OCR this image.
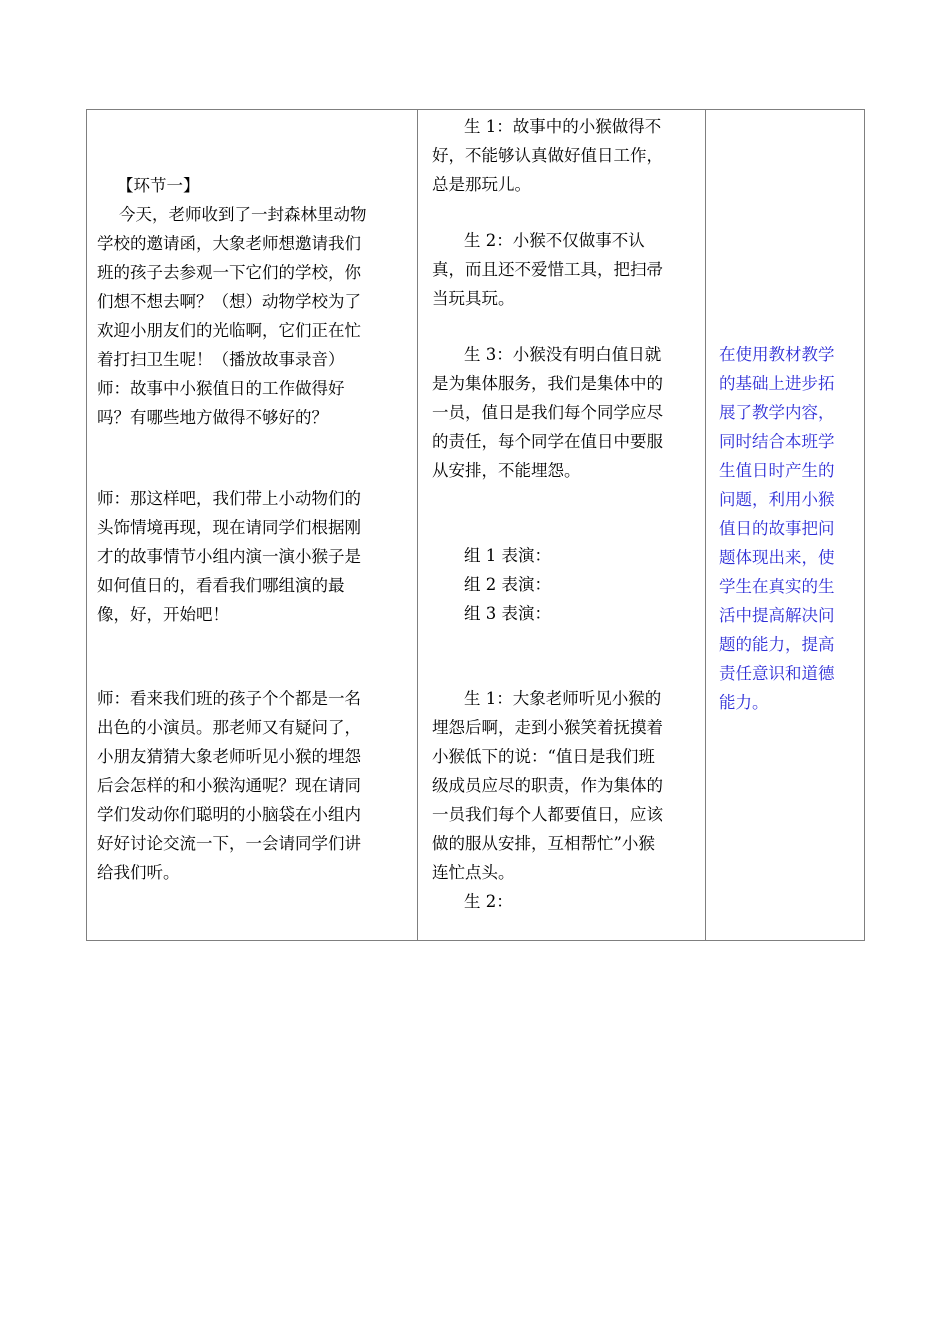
【环节一】
今天，老师收到了一封森林里动物
学校的邀请函，大象老师想邀请我们
班的孩子去参观一下它们的学校，你
们想不想去啊？（想）动物学校为了
欢迎小朋友们的光临啊，它们正在忙
着打扫卫生呢！（播放故事录音）
师：故事中小猴值日的工作做得好
吗？有哪些地方做得不够好的？
师：那这样吧，我们带上小动物们的
头饰情境再现，现在请同学们根据刚
才的故事情节小组内演一演小猴子是
如何值日的，看看我们哪组演的最
像，好，开始吧！
师：看来我们班的孩子个个都是一名
出色的小演员。那老师又有疑问了，
小朋友猜猜大象老师听见小猴的埋怨
后会怎样的和小猴沟通呢？现在请同
学们发动你们聪明的小脑袋在小组内
好好讨论交流一下，一会请同学们讲
给我们听。

生 1：故事中的小猴做得不
好，不能够认真做好值日工作，
总是那玩儿。
生 2：小猴不仅做事不认
真，而且还不爱惜工具，把扫帚
当玩具玩。
生 3：小猴没有明白值日就
是为集体服务，我们是集体中的
一员，值日是我们每个同学应尽
的责任，每个同学在值日中要服
从安排，不能埋怨。
组 1 表演：
组 2 表演：
组 3 表演：
生 1：大象老师听见小猴的
埋怨后啊，走到小猴笑着抚摸着
小猴低下的说：“值日是我们班
级成员应尽的职责，作为集体的
一员我们每个人都要值日，应该
做的服从安排，互相帮忙”小猴
连忙点头。
生 2：

在使用教材教学
的基础上进步拓
展了教学内容，
同时结合本班学
生值日时产生的
问题，利用小猴
值日的故事把问
题体现出来，使
学生在真实的生
活中提高解决问
题的能力，提高
责任意识和道德
能力。
